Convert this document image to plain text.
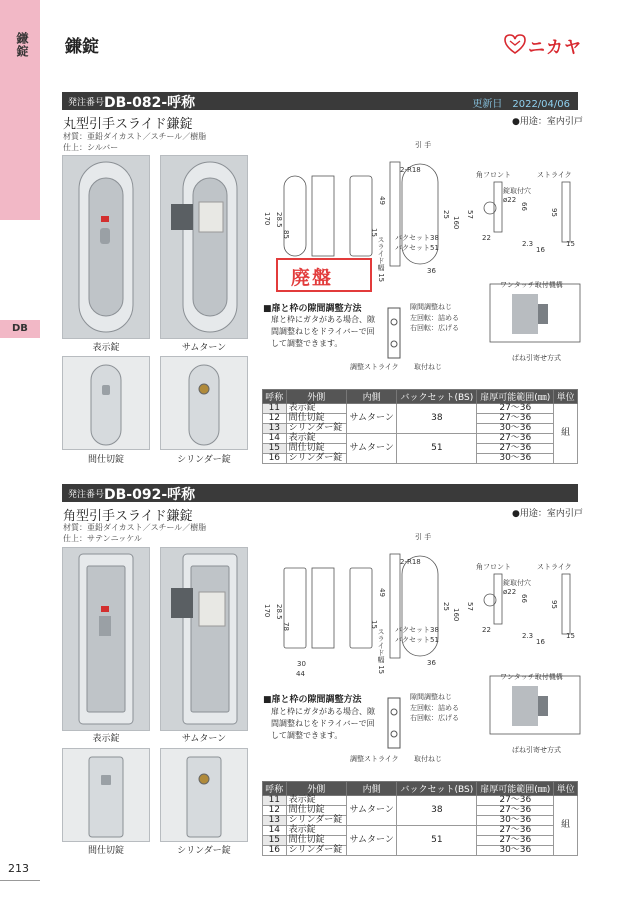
鎌錠
DB
鎌錠	ニカヤ
発注番号 DB-082-呼称	更新日　2022/04/06
丸型引手スライド鎌錠	●用途：室内引戸
材質：亜鉛ダイカスト／スチール／樹脂
仕上：シルバー
表示錠	サムターン
間仕切錠	シリンダー錠
引 手
2-R18
角フロント	ストライク
錠取付穴
ø22
バクセット38
バクセット51
スライド幅 15
ワンタッチ取付機構
ばね引寄せ方式
170 28.5
85
49
15
160
25
36
57
66
95
22
2.3
16
15
廃盤
■扉と枠の隙間調整方法
扉と枠にガタがある場合、隙間調整ねじをドライバーで回して調整できます。
隙間調整ねじ
左回転：詰める
右回転：広げる
調整ストライク 取付ねじ
呼称	外側	内側	バックセット(BS)	扉厚可能範囲(㎜)	単位
11	表示錠	サムターン	38	27～36	組
12	間仕切錠			27～36	
13	シリンダー錠			30～36	
14	表示錠	サムターン	51	27～36	
15	間仕切錠			27～36	
16	シリンダー錠			30～36	
発注番号 DB-092-呼称
角型引手スライド鎌錠	●用途：室内引戸
材質：亜鉛ダイカスト／スチール／樹脂
仕上：サテンニッケル
表示錠	サムターン
間仕切錠	シリンダー錠
引 手
2-R18
角フロント	ストライク
錠取付穴
ø22
バクセット38
バクセット51
スライド幅 15
ワンタッチ取付機構
ばね引寄せ方式
170 28.5
78
49
15
160
25
36
57
66
95
22
2.3
16
15
30
44
■扉と枠の隙間調整方法
扉と枠にガタがある場合、隙間調整ねじをドライバーで回して調整できます。
隙間調整ねじ
左回転：詰める
右回転：広げる
調整ストライク 取付ねじ
呼称	外側	内側	バックセット(BS)	扉厚可能範囲(㎜)	単位
11	表示錠	サムターン	38	27～36	組
12	間仕切錠			27～36	
13	シリンダー錠			30～36	
14	表示錠	サムターン	51	27～36	
15	間仕切錠			27～36	
16	シリンダー錠			30～36	
213
